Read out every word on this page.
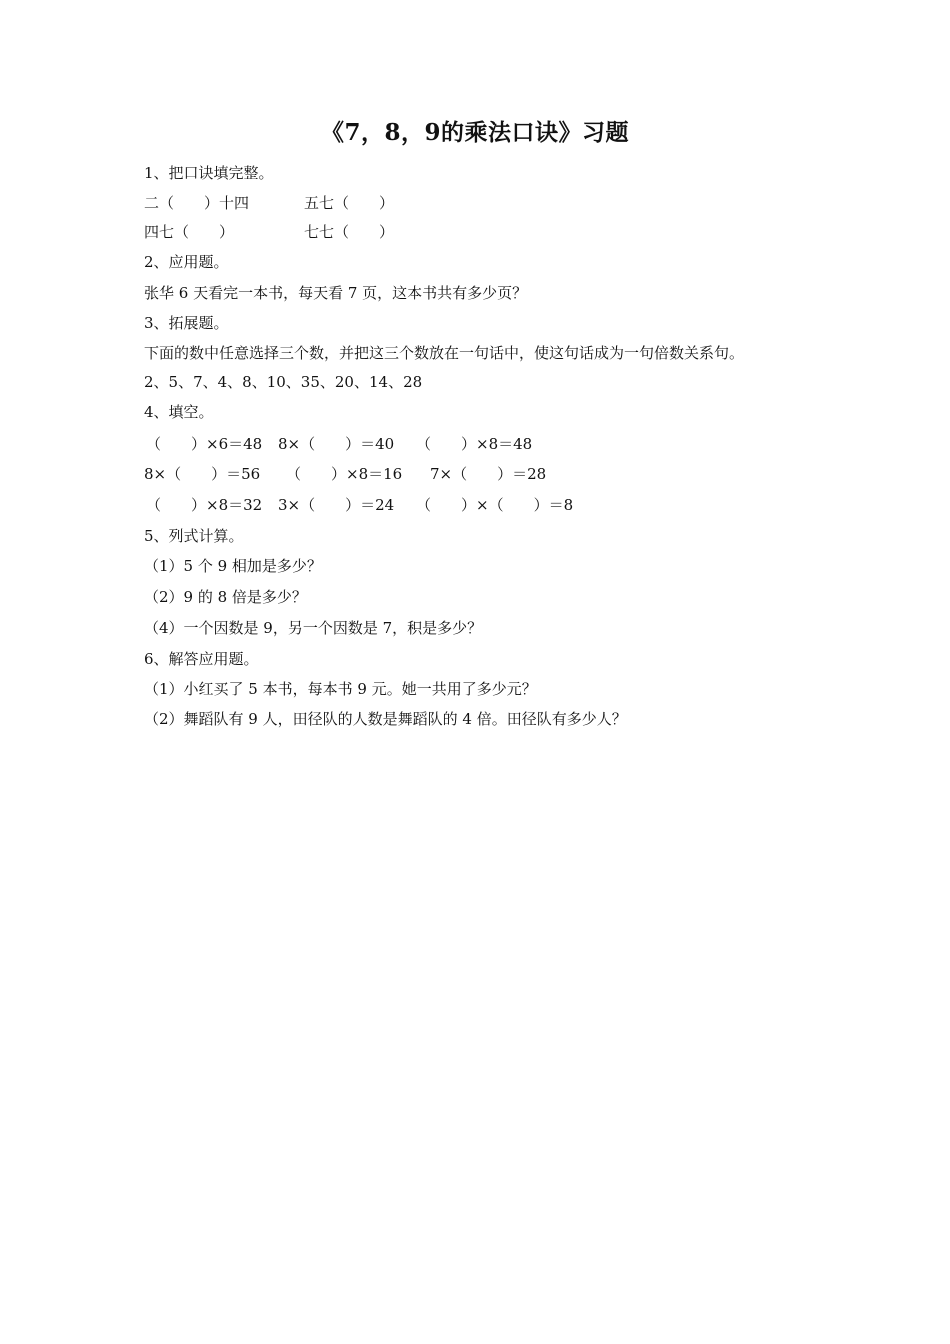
《7，8，9的乘法口诀》习题
1、把口诀填完整。
二（　　）十四	五七（　　）
四七（　　）	七七（　　）
2、应用题。
张华 6 天看完一本书，每天看 7 页，这本书共有多少页？
3、拓展题。
下面的数中任意选择三个数，并把这三个数放在一句话中，使这句话成为一句倍数关系句。
2、5、7、4、8、10、35、20、14、28
4、填空。
（　　）×6＝48 8×（　　）＝40 （　　）×8＝48
8×（　　）＝56 （　　）×8＝16 7×（　　）＝28
（　　）×8＝32 3×（　　）＝24 （　　）×（　　）＝8
5、列式计算。
（1）5 个 9 相加是多少？
（2）9 的 8 倍是多少？
（4）一个因数是 9，另一个因数是 7，积是多少？
6、解答应用题。
（1）小红买了 5 本书，每本书 9 元。她一共用了多少元？
（2）舞蹈队有 9 人，田径队的人数是舞蹈队的 4 倍。田径队有多少人？
